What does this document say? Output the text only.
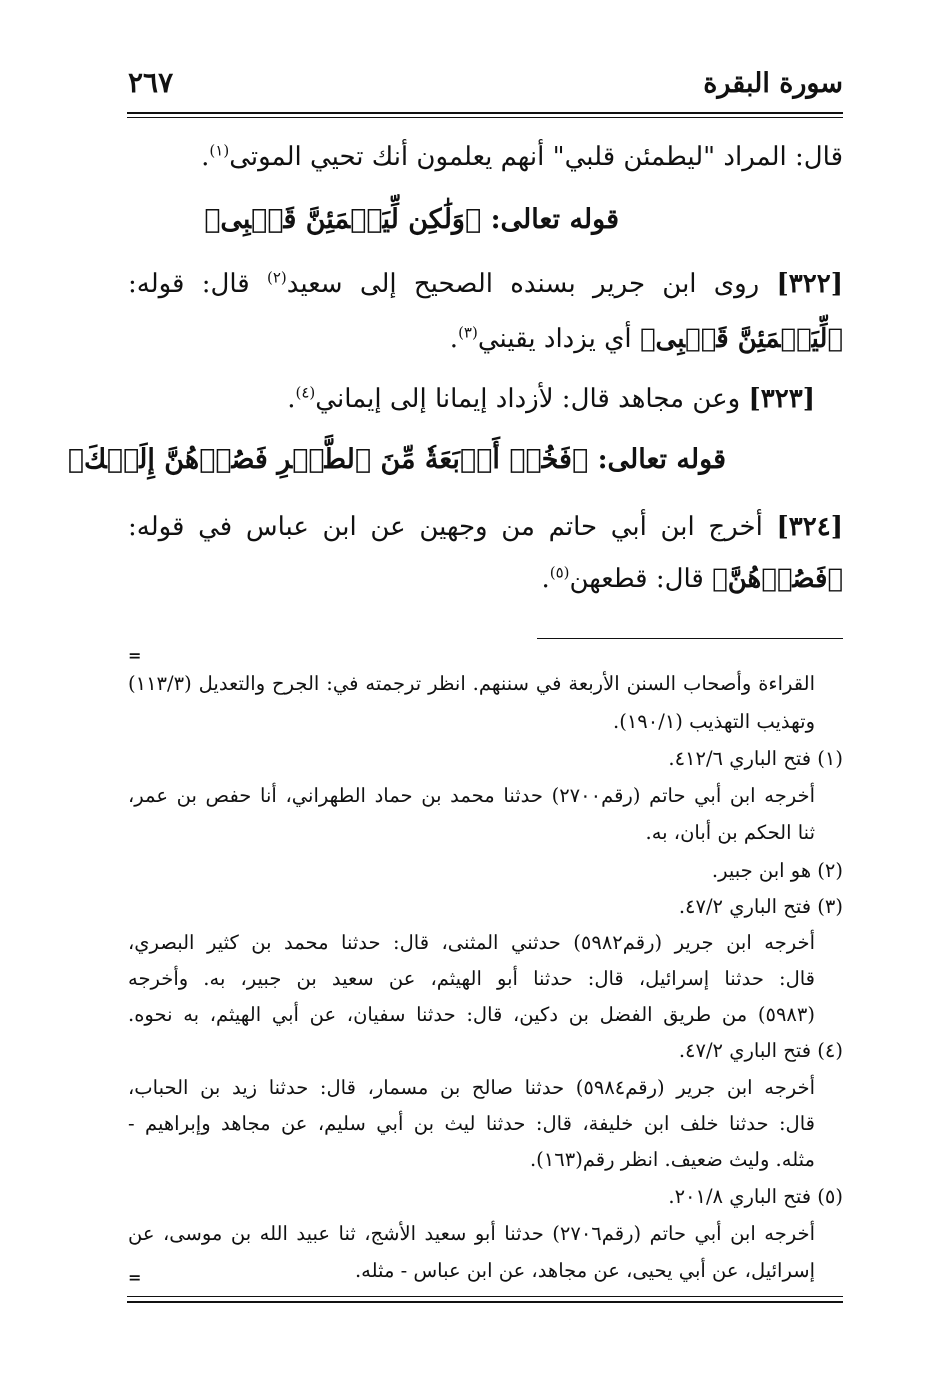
سورة البقرة
٢٦٧
قال: المراد "ليطمئن قلبي" أنهم يعلمون أنك تحيي الموتى$^{(١)}$.
قوله تعالى: ﴿وَلَٰكِن لِّيَطۡمَئِنَّ قَلۡبِى﴾
[٣٢٢] روى ابن جرير بسنده الصحيح إلى سعيد$^{(٢)}$ قال: قوله:
﴿لِّيَطۡمَئِنَّ قَلۡبِى﴾ أي يزداد يقيني$^{(٣)}$.
[٣٢٣] وعن مجاهد قال: لأزداد إيمانا إلى إيماني$^{(٤)}$.
قوله تعالى: ﴿فَخُذۡ أَرۡبَعَةٗ مِّنَ ٱلطَّيۡرِ فَصُرۡهُنَّ إِلَيۡكَ﴾
[٣٢٤] أخرج ابن أبي حاتم من وجهين عن ابن عباس في قوله:
﴿فَصُرۡهُنَّ﴾ قال: قطعهن$^{(٥)}$.
=
القراءة وأصحاب السنن الأربعة في سننهم. انظر ترجمته في: الجرح والتعديل (١١٣/٣)
وتهذيب التهذيب (١٩٠/١).
(١) فتح الباري ٤١٢/٦.
أخرجه ابن أبي حاتم (رقم٢٧٠٠) حدثنا محمد بن حماد الطهراني، أنا حفص بن عمر،
ثنا الحكم بن أبان، به.
(٢) هو ابن جبير.
(٣) فتح الباري ٤٧/٢.
أخرجه ابن جرير (رقم٥٩٨٢) حدثني المثنى، قال: حدثنا محمد بن كثير البصري،
قال: حدثنا إسرائيل، قال: حدثنا أبو الهيثم، عن سعيد بن جبير، به. وأخرجه
(٥٩٨٣) من طريق الفضل بن دكين، قال: حدثنا سفيان، عن أبي الهيثم، به نحوه.
(٤) فتح الباري ٤٧/٢.
أخرجه ابن جرير (رقم٥٩٨٤) حدثنا صالح بن مسمار، قال: حدثنا زيد بن الحباب،
قال: حدثنا خلف ابن خليفة، قال: حدثنا ليث بن أبي سليم، عن مجاهد وإبراهيم -
مثله. وليث ضعيف. انظر رقم(١٦٣).
(٥) فتح الباري ٢٠١/٨.
أخرجه ابن أبي حاتم (رقم٢٧٠٦) حدثنا أبو سعيد الأشج، ثنا عبيد الله بن موسى، عن
إسرائيل، عن أبي يحيى، عن مجاهد، عن ابن عباس - مثله.
=
